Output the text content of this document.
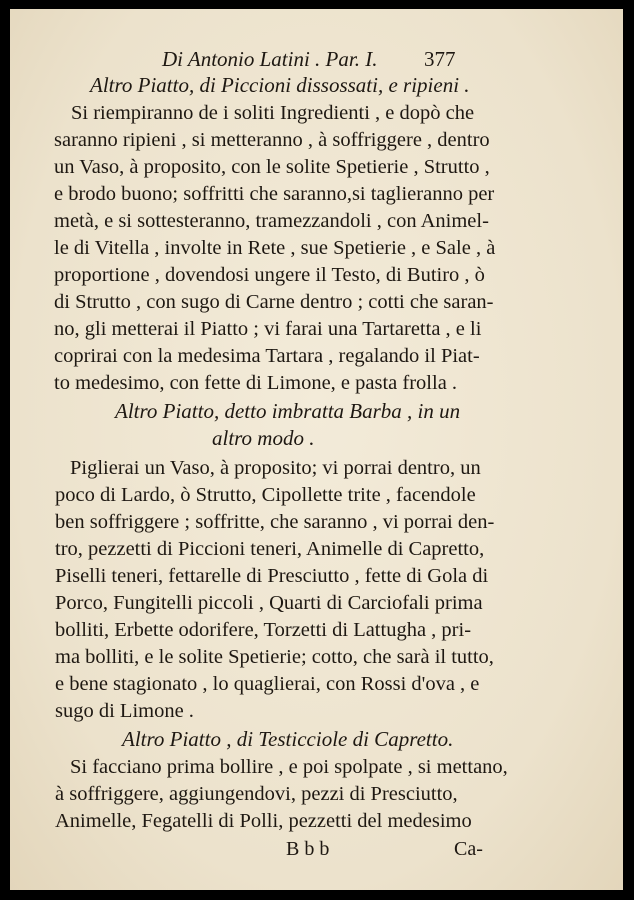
Di Antonio Latini . Par. I. 377
Altro Piatto, di Piccioni dissossati, e ripieni .
Si riempiranno de i soliti Ingredienti , e dopò che
saranno ripieni , si metteranno , à soffriggere , dentro
un Vaso, à proposito, con le solite Spetierie , Strutto ,
e brodo buono; soffritti che saranno,si taglieranno per
metà, e si sottesteranno, tramezzandoli , con Animel-
le di Vitella , involte in Rete , sue Spetierie , e Sale , à
proportione , dovendosi ungere il Testo, di Butiro , ò
di Strutto , con sugo di Carne dentro ; cotti che saran-
no, gli metterai il Piatto ; vi farai una Tartaretta , e li
coprirai con la medesima Tartara , regalando il Piat-
to medesimo, con fette di Limone, e pasta frolla .
Altro Piatto, detto imbratta Barba , in un
altro modo .
Piglierai un Vaso, à proposito; vi porrai dentro, un
poco di Lardo, ò Strutto, Cipollette trite , facendole
ben soffriggere ; soffritte, che saranno , vi porrai den-
tro, pezzetti di Piccioni teneri, Animelle di Capretto,
Piselli teneri, fettarelle di Presciutto , fette di Gola di
Porco, Fungitelli piccoli , Quarti di Carciofali prima
bolliti, Erbette odorifere, Torzetti di Lattugha , pri-
ma bolliti, e le solite Spetierie; cotto, che sarà il tutto,
e bene stagionato , lo quaglierai, con Rossi d'ova , e
sugo di Limone .
Altro Piatto , di Testicciole di Capretto.
Si facciano prima bollire , e poi spolpate , si mettano,
à soffriggere, aggiungendovi, pezzi di Presciutto,
Animelle, Fegatelli di Polli, pezzetti del medesimo
B b b	Ca-
